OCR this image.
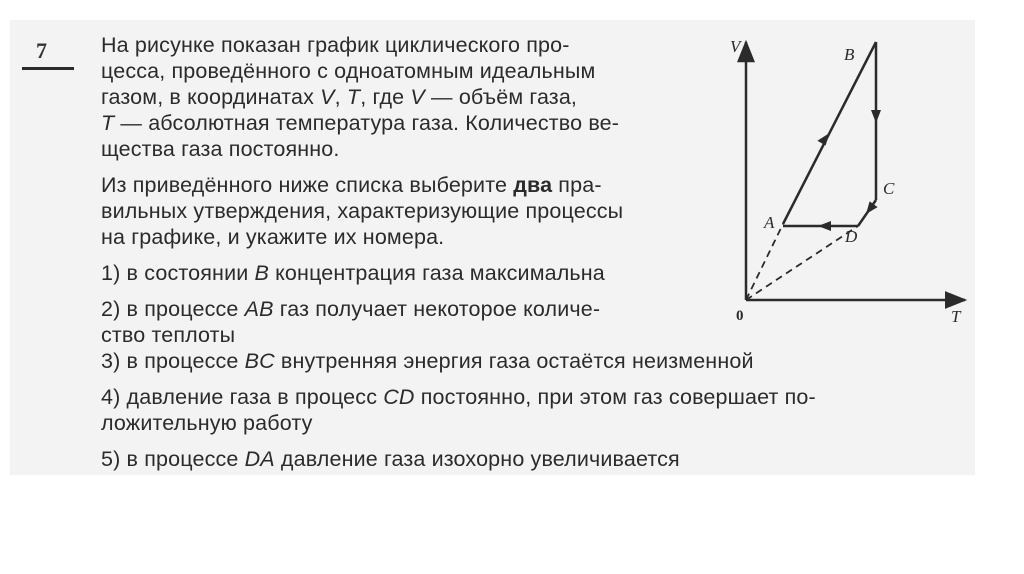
7	На рисунке показан график циклического про-
цесса, проведённого с одноатомным идеальным
газом, в координатах V, T, где V — объём газа,
T — абсолютная температура газа. Количество ве-
щества газа постоянно.
Из приведённого ниже списка выберите два пра-
вильных утверждения, характеризующие процессы
на графике, и укажите их номера.
1) в состоянии B концентрация газа максимальна
2) в процессе AB газ получает некоторое количе-
ство теплоты
3) в процессе BC внутренняя энергия газа остаётся неизменной
4) давление газа в процесс CD постоянно, при этом газ совершает по-
ложительную работу
5) в процессе DA давление газа изохорно увеличивается
V
T
0
A
B
C
D
